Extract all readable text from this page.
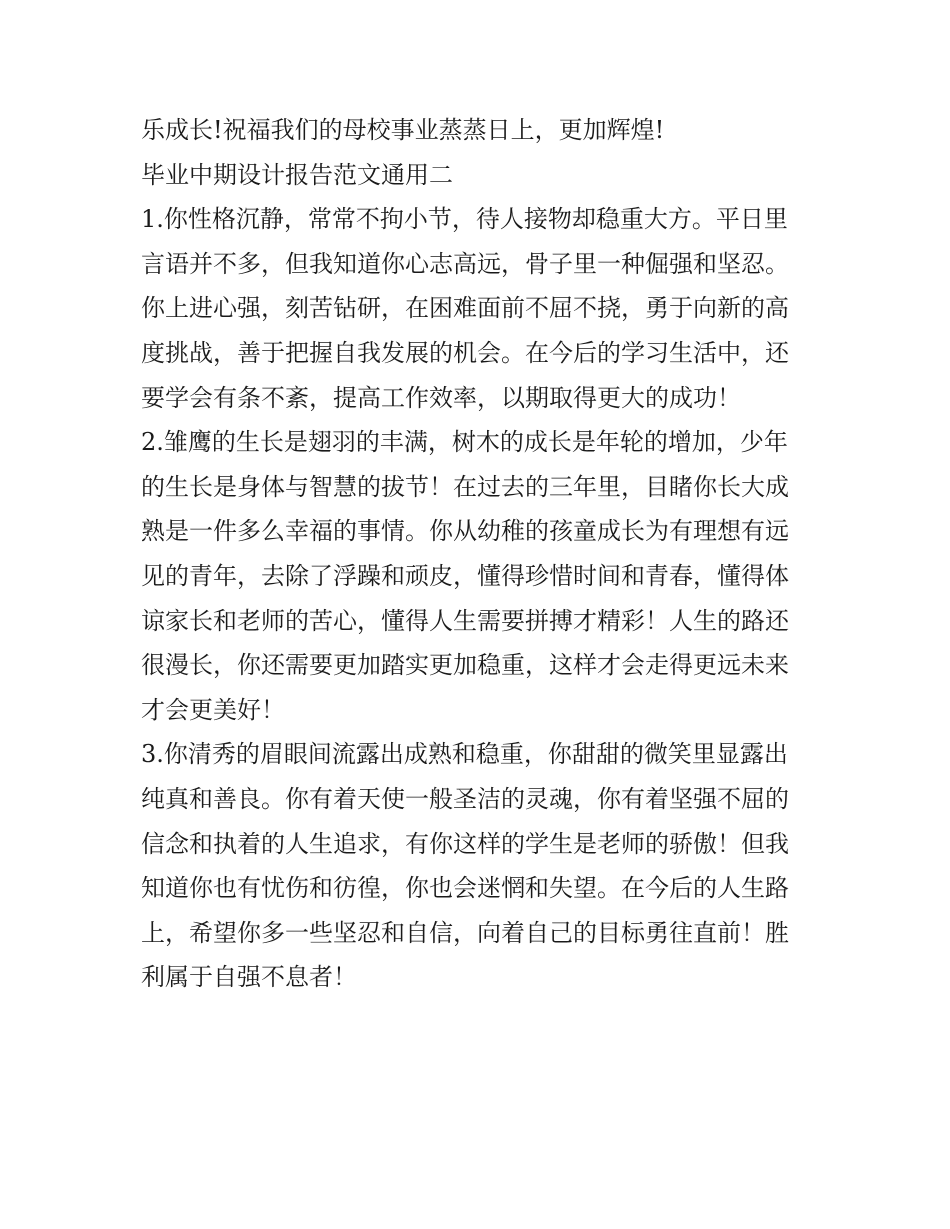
乐成长!祝福我们的母校事业蒸蒸日上，更加辉煌!

毕业中期设计报告范文通用二

1.你性格沉静，常常不拘小节，待人接物却稳重大方。平日里

言语并不多，但我知道你心志高远，骨子里一种倔强和坚忍。

你上进心强，刻苦钻研，在困难面前不屈不挠，勇于向新的高

度挑战，善于把握自我发展的机会。在今后的学习生活中，还

要学会有条不紊，提高工作效率，以期取得更大的成功！

2.雏鹰的生长是翅羽的丰满，树木的成长是年轮的增加，少年

的生长是身体与智慧的拔节！在过去的三年里，目睹你长大成

熟是一件多么幸福的事情。你从幼稚的孩童成长为有理想有远

见的青年，去除了浮躁和顽皮，懂得珍惜时间和青春，懂得体

谅家长和老师的苦心，懂得人生需要拼搏才精彩！人生的路还

很漫长，你还需要更加踏实更加稳重，这样才会走得更远未来

才会更美好！

3.你清秀的眉眼间流露出成熟和稳重，你甜甜的微笑里显露出

纯真和善良。你有着天使一般圣洁的灵魂，你有着坚强不屈的

信念和执着的人生追求，有你这样的学生是老师的骄傲！但我

知道你也有忧伤和彷徨，你也会迷惘和失望。在今后的人生路

上，希望你多一些坚忍和自信，向着自己的目标勇往直前！胜

利属于自强不息者！
